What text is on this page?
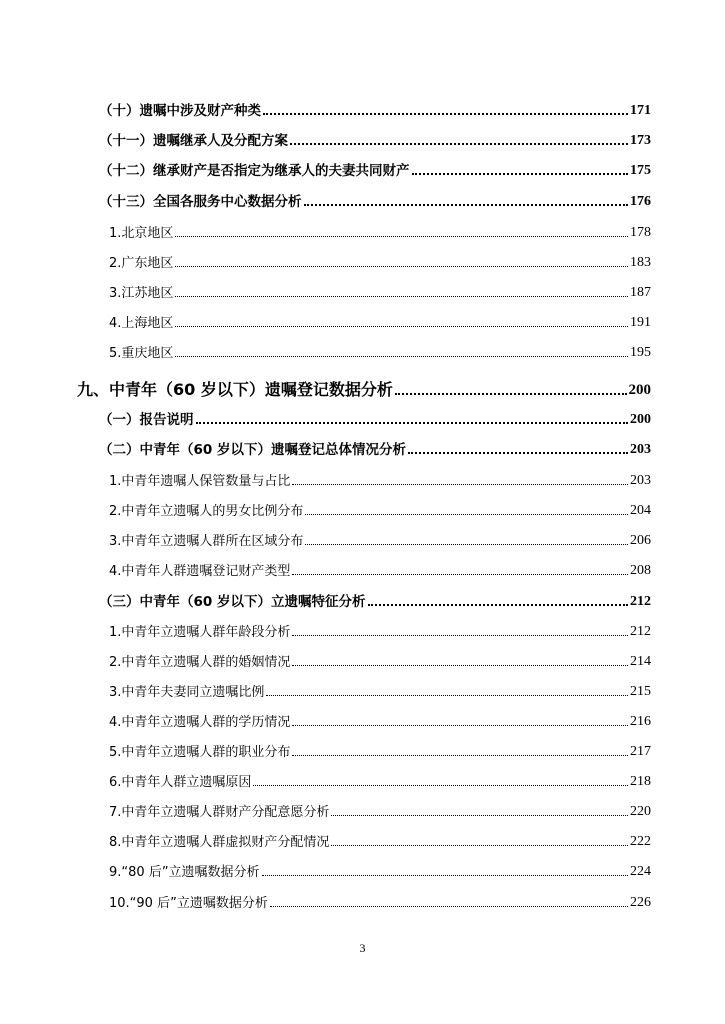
（十）遗嘱中涉及财产种类	171
（十一）遗嘱继承人及分配方案	173
（十二）继承财产是否指定为继承人的夫妻共同财产	175
（十三）全国各服务中心数据分析	176
1.北京地区	178
2.广东地区	183
3.江苏地区	187
4.上海地区	191
5.重庆地区	195
九、中青年（60 岁以下）遗嘱登记数据分析	200
（一）报告说明	200
（二）中青年（60 岁以下）遗嘱登记总体情况分析	203
1.中青年遗嘱人保管数量与占比	203
2.中青年立遗嘱人的男女比例分布	204
3.中青年立遗嘱人群所在区域分布	206
4.中青年人群遗嘱登记财产类型	208
（三）中青年（60 岁以下）立遗嘱特征分析	212
1.中青年立遗嘱人群年龄段分析	212
2.中青年立遗嘱人群的婚姻情况	214
3.中青年夫妻同立遗嘱比例	215
4.中青年立遗嘱人群的学历情况	216
5.中青年立遗嘱人群的职业分布	217
6.中青年人群立遗嘱原因	218
7.中青年立遗嘱人群财产分配意愿分析	220
8.中青年立遗嘱人群虚拟财产分配情况	222
9.“80 后”立遗嘱数据分析	224
10.“90 后”立遗嘱数据分析	226
3
